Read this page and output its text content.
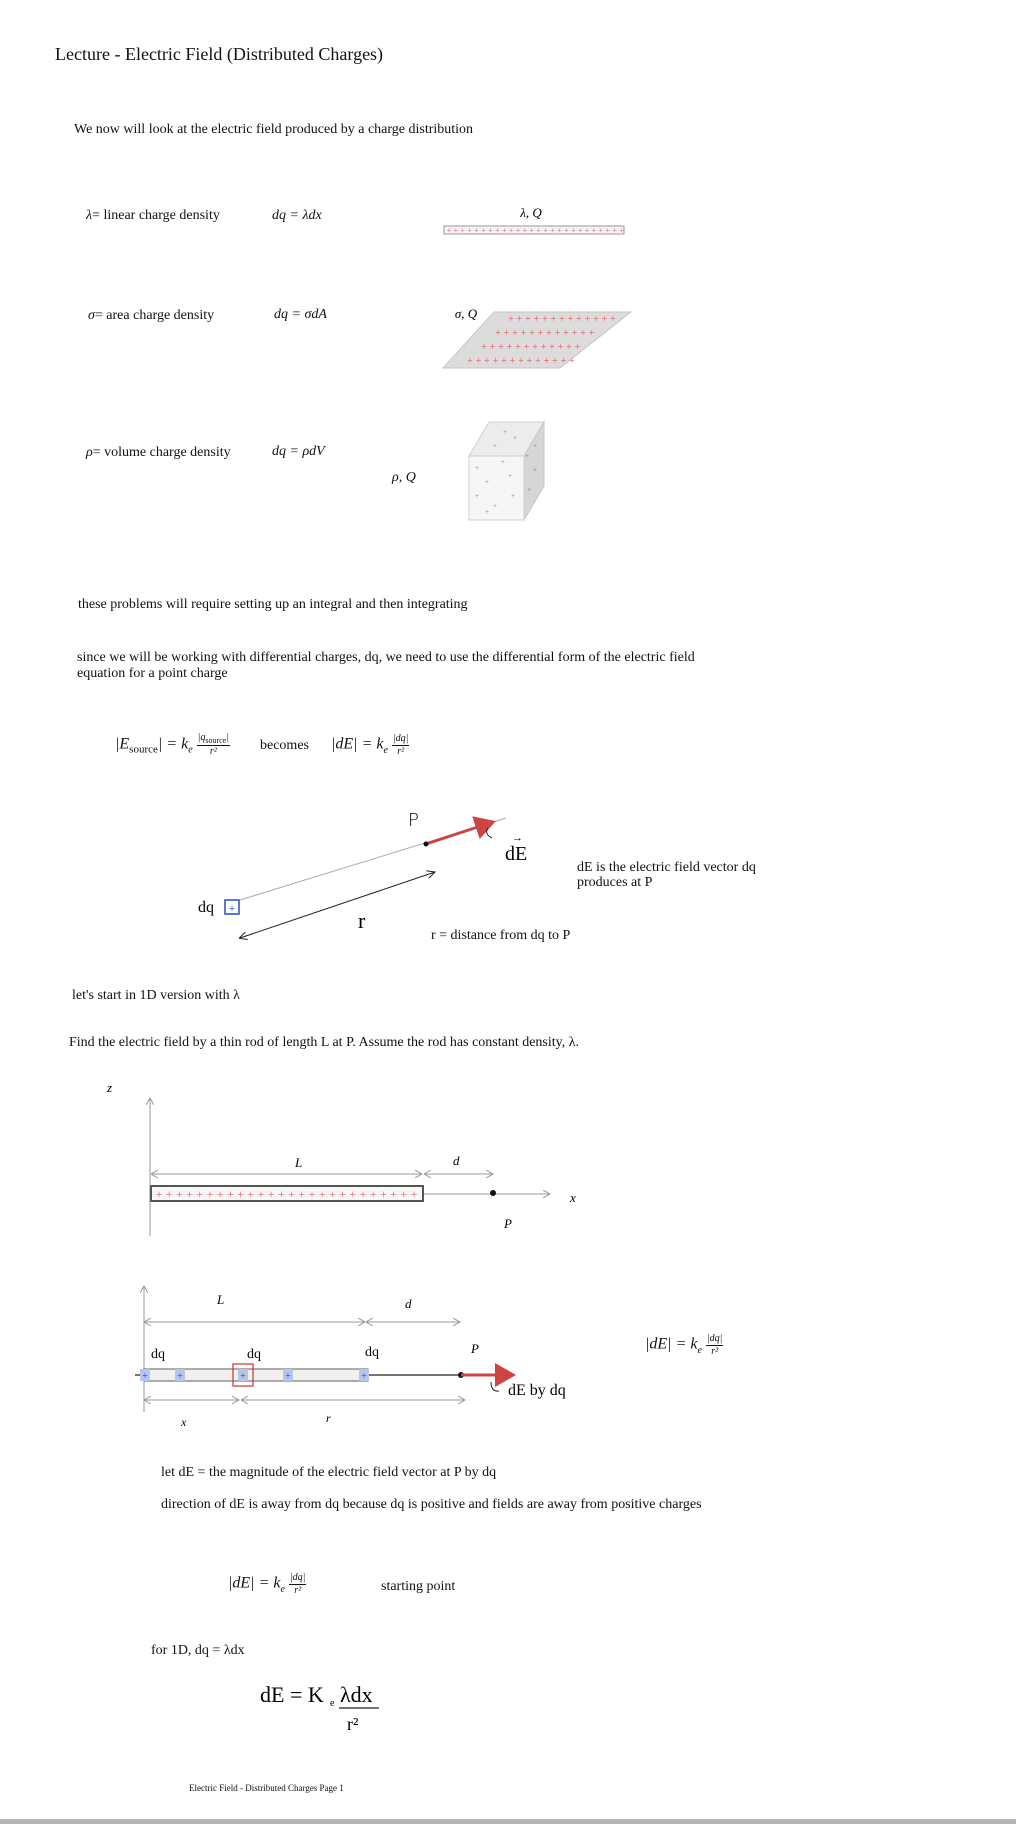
Lecture - Electric Field (Distributed Charges)
We now will look at the electric field produced by a charge distribution
λ= linear charge density	dq = λdx
σ= area charge density	dq = σdA
ρ= volume charge density	dq = ρdV
λ, Q
+ + + + + + + + + + + + + + + + + + + + + + + + + +
σ, Q	+ + + + + + + + + + + + +
+ + + + + + + + + + + +
+ + + + + + + + + + + +
+ + + + + + + + + + + + +
ρ, Q
+
+
+
+
+
+
+
+
+
+
+
+
+
+
+
these problems will require setting up an integral and then integrating
since we will be working with differential charges, dq, we need to use the differential form of the electric field
equation for a point charge
$|E_{source}| = k_e \frac{|q_{source}|}{\text{r²}}$ becomes $|dE| = k_e \frac{|dq|}{\text{r²}}$
+
P
dE
→
dq
r
dE is the electric field vector dq
produces at P
r = distance from dq to P
let's start in 1D version with λ
Find the electric field by a thin rod of length L at P. Assume the rod has constant density, λ.
z
x
L	d
+ + + + + + + + + + + + + + + + + + + + + + + + + +
P
L	d
+	+	+	+	+
dq	dq	dq	P
dE by dq
x	r
$|dE| = k_e \frac{|dq|}{\text{r²}}$
let dE = the magnitude of the electric field vector at P by dq
direction of dE is away from dq because dq is positive and fields are away from positive charges
$|dE| = k_e \frac{|dq|}{\text{r²}}$	starting point
for 1D, dq = λdx
dE = K e λdx
r²
Electric Field - Distributed Charges Page 1
